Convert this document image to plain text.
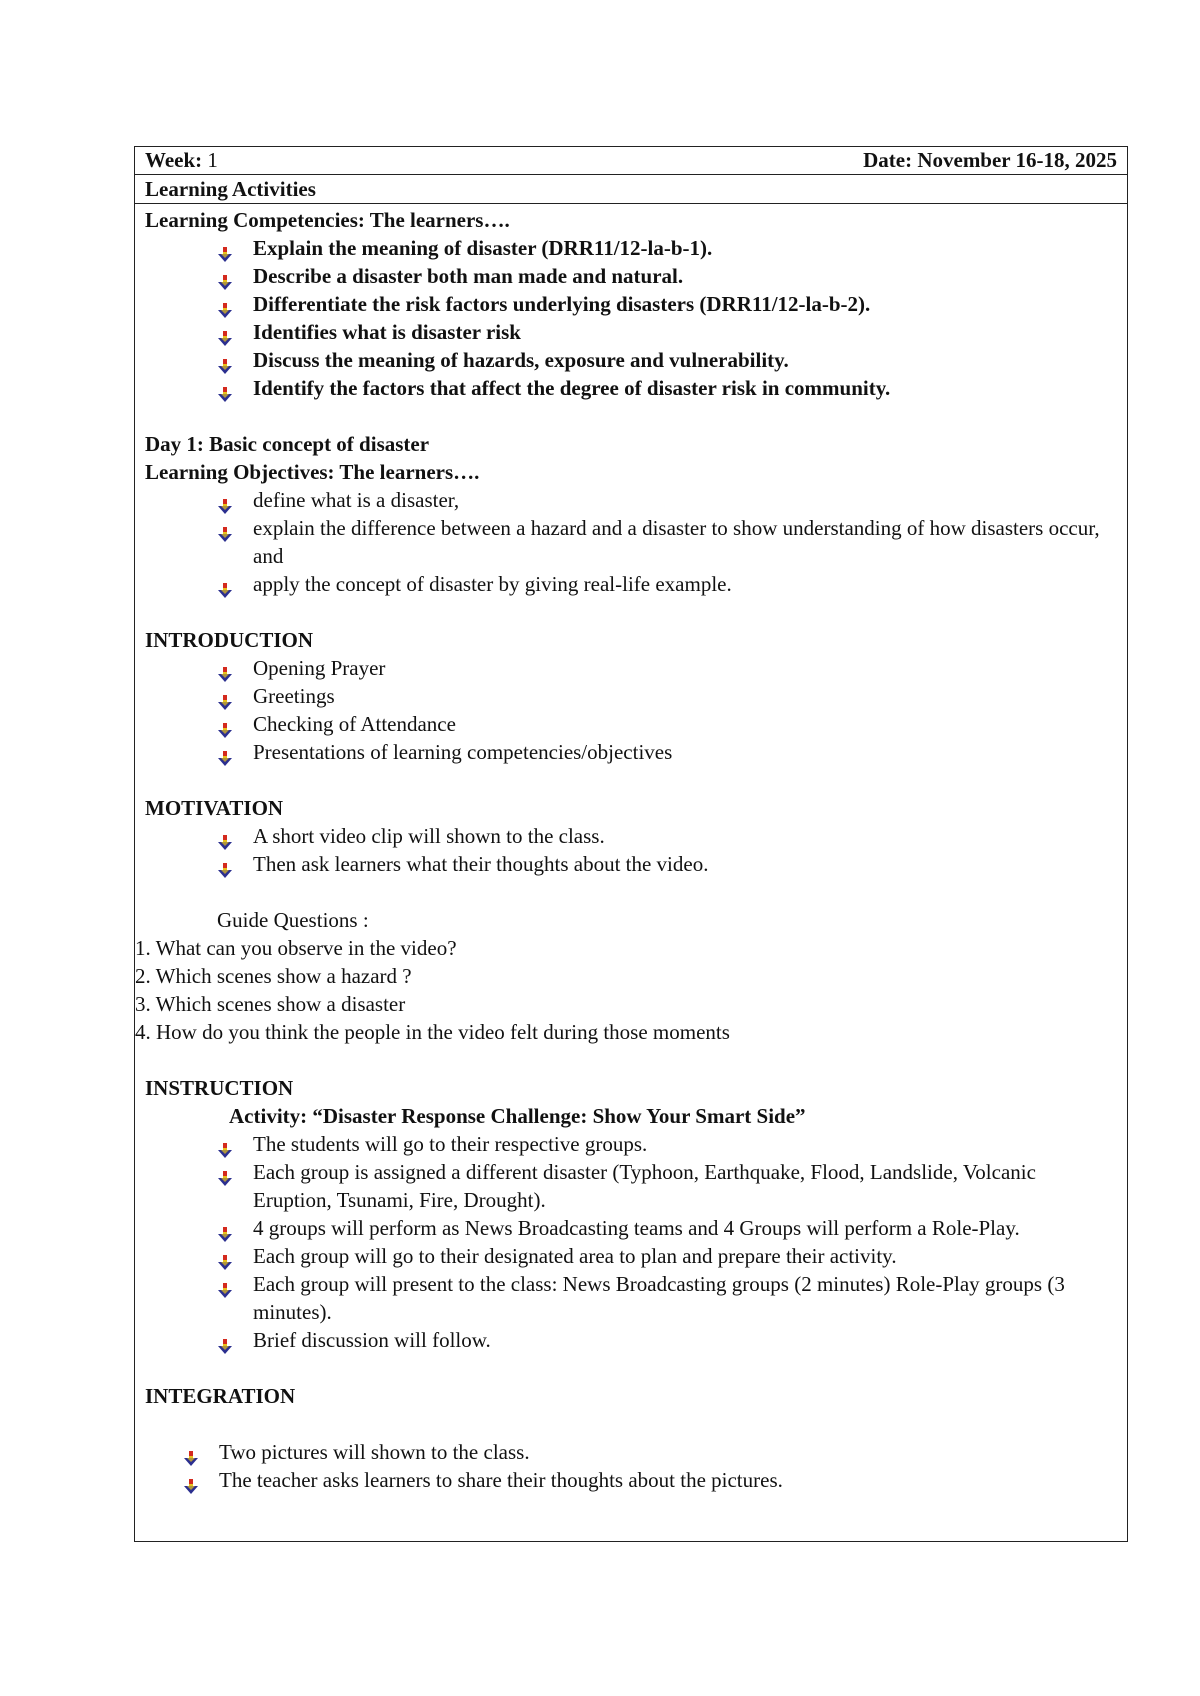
Week: 1	Date: November 16-18, 2025
Learning Activities
Learning Competencies: The learners….
Explain the meaning of disaster (DRR11/12-la-b-1).
Describe a disaster both man made and natural.
Differentiate the risk factors underlying disasters (DRR11/12-la-b-2).
Identifies what is disaster risk
Discuss the meaning of hazards, exposure and vulnerability.
Identify the factors that affect the degree of disaster risk in community.
Day 1: Basic concept of disaster
Learning Objectives: The learners….
define what is a disaster,
explain the difference between a hazard and a disaster to show understanding of how disasters occur, and
apply the concept of disaster by giving real-life example.
INTRODUCTION
Opening Prayer
Greetings
Checking of Attendance
Presentations of learning competencies/objectives
MOTIVATION
A short video clip will shown to the class.
Then ask learners what their thoughts about the video.
Guide Questions :
1. What can you observe in the video?
2. Which scenes show a hazard ?
3. Which scenes show a disaster
4. How do you think the people in the video felt during those moments
INSTRUCTION
Activity: “Disaster Response Challenge: Show Your Smart Side”
The students will go to their respective groups.
Each group is assigned a different disaster (Typhoon, Earthquake, Flood, Landslide, Volcanic Eruption, Tsunami, Fire, Drought).
4 groups will perform as News Broadcasting teams and 4 Groups will perform a Role-Play.
Each group will go to their designated area to plan and prepare their activity.
Each group will present to the class: News Broadcasting groups (2 minutes) Role-Play groups (3 minutes).
Brief discussion will follow.
INTEGRATION
Two pictures will shown to the class.
The teacher asks learners to share their thoughts about the pictures.
